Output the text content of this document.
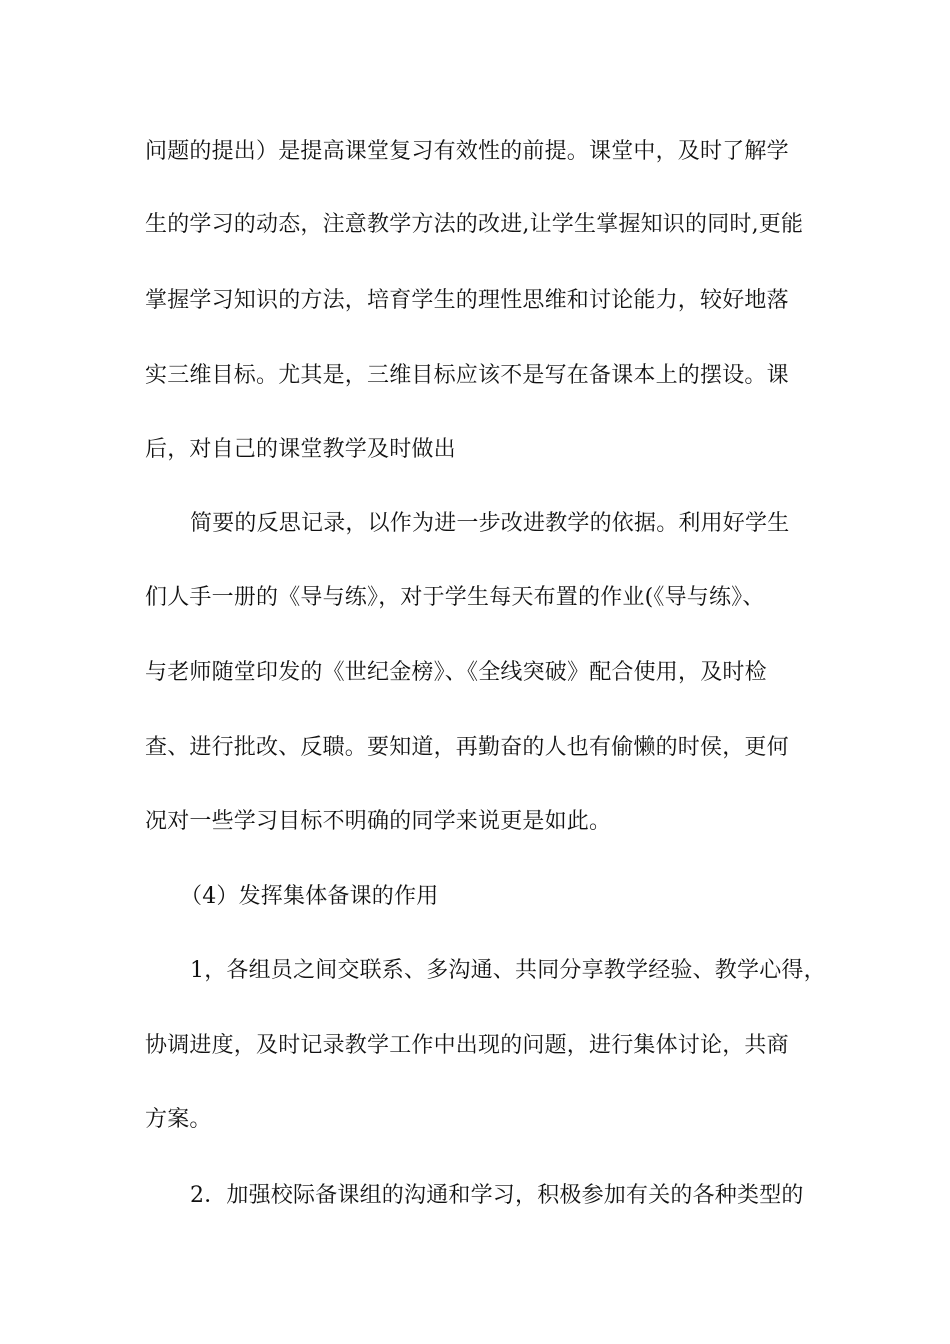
问题的提出）是提高课堂复习有效性的前提。课堂中，及时了解学
生的学习的动态，注意教学方法的改进,让学生掌握知识的同时,更能
掌握学习知识的方法，培育学生的理性思维和讨论能力，较好地落
实三维目标。尤其是，三维目标应该不是写在备课本上的摆设。课
后，对自己的课堂教学及时做出
简要的反思记录，以作为进一步改进教学的依据。利用好学生
们人手一册的《导与练》，对于学生每天布置的作业(《导与练》、
与老师随堂印发的《世纪金榜》、《全线突破》配合使用，及时检
查、进行批改、反聩。要知道，再勤奋的人也有偷懒的时侯，更何
况对一些学习目标不明确的同学来说更是如此。
（4）发挥集体备课的作用
1，各组员之间交联系、多沟通、共同分享教学经验、教学心得，
协调进度，及时记录教学工作中出现的问题，进行集体讨论，共商
方案。
2．加强校际备课组的沟通和学习，积极参加有关的各种类型的
